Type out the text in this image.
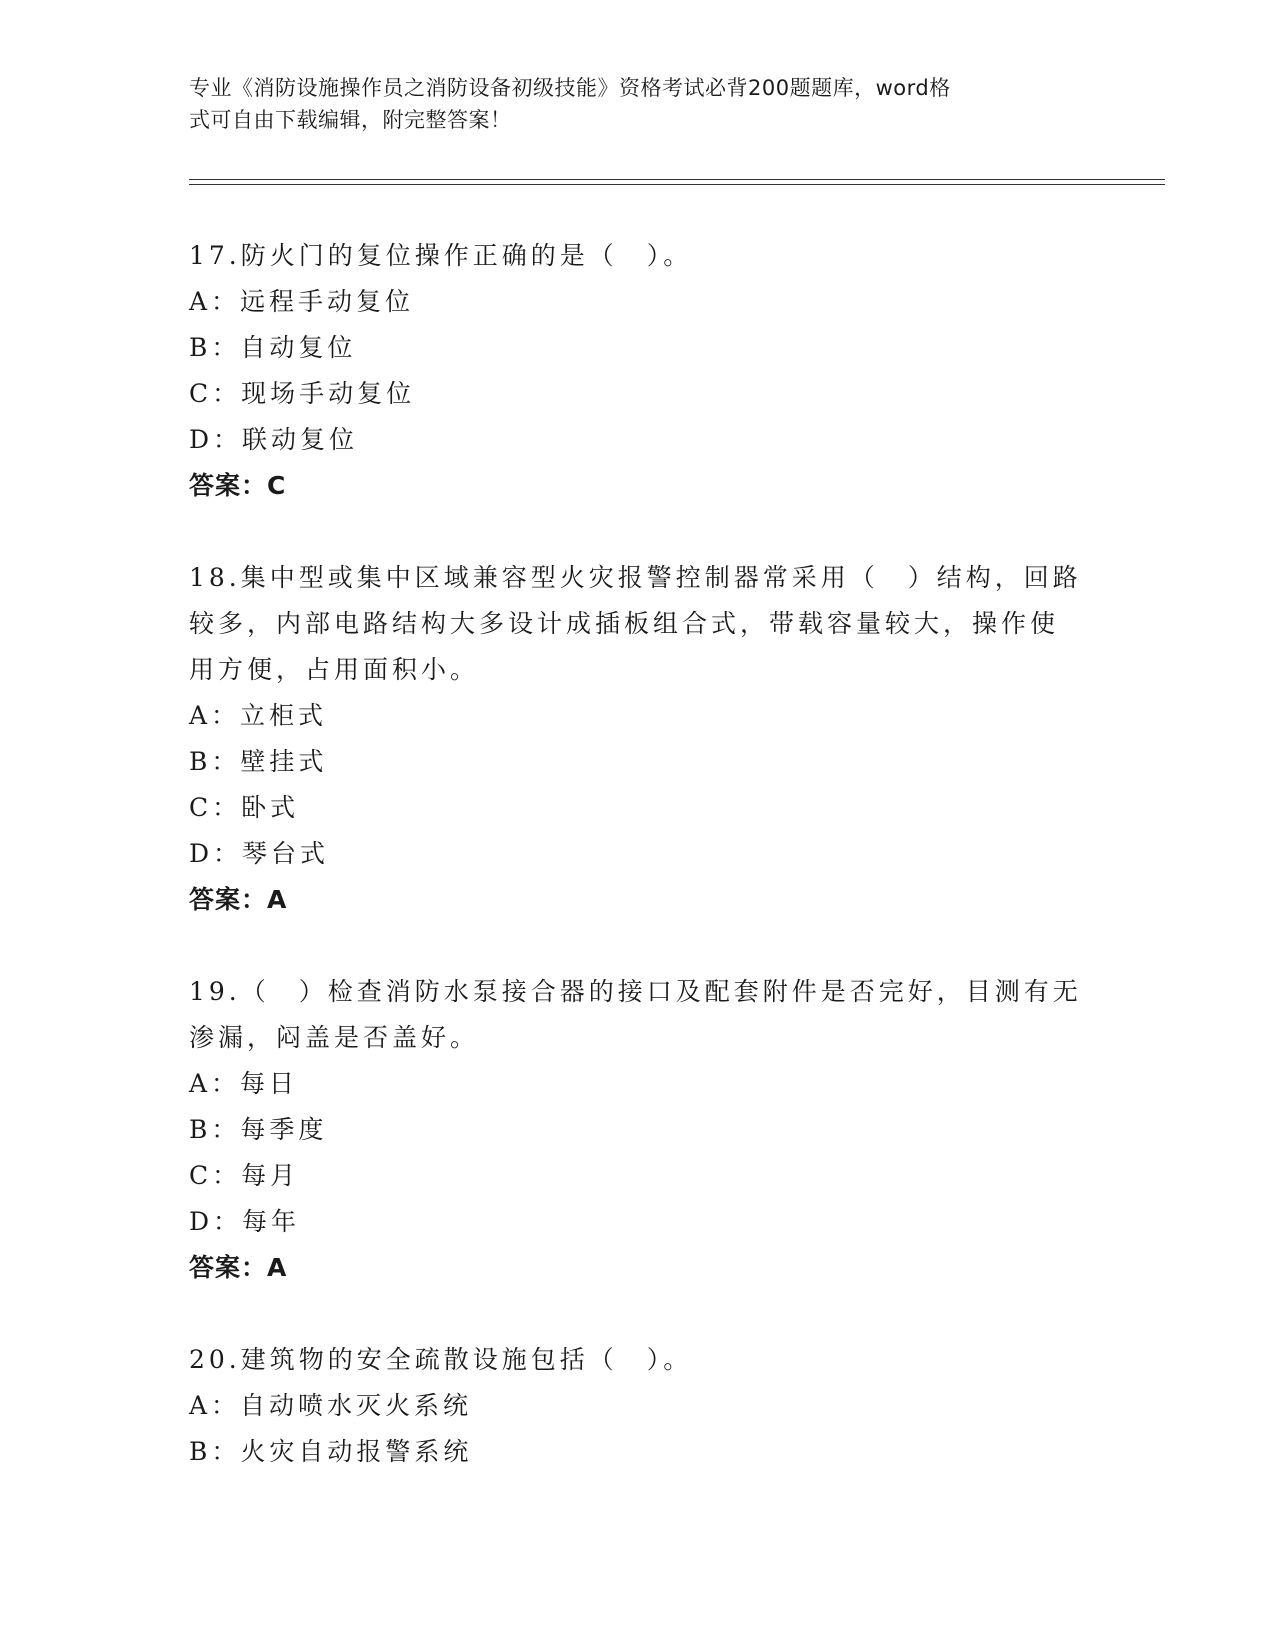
专业《消防设施操作员之消防设备初级技能》资格考试必背200题题库，word格
式可自由下载编辑，附完整答案！

17.防火门的复位操作正确的是（　）。

A：远程手动复位

B：自动复位

C：现场手动复位

D：联动复位

答案：C

18.集中型或集中区域兼容型火灾报警控制器常采用（　）结构，回路

较多，内部电路结构大多设计成插板组合式，带载容量较大，操作使

用方便，占用面积小。

A：立柜式

B：壁挂式

C：卧式

D：琴台式

答案：A

19.（　）检查消防水泵接合器的接口及配套附件是否完好，目测有无

渗漏，闷盖是否盖好。

A：每日

B：每季度

C：每月

D：每年

答案：A

20.建筑物的安全疏散设施包括（　）。

A：自动喷水灭火系统

B：火灾自动报警系统
